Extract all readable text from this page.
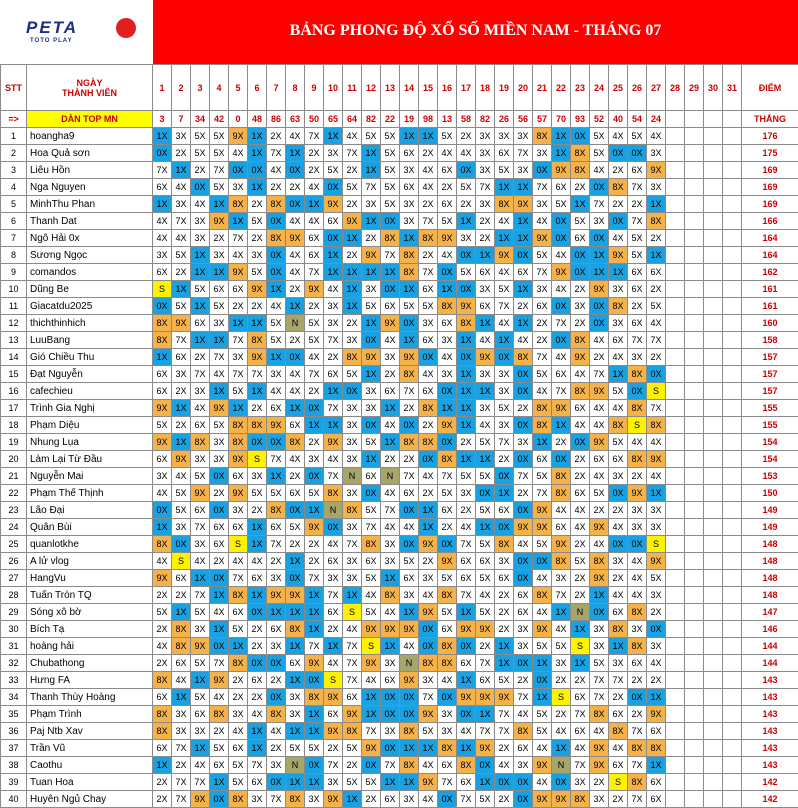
PETA
TOTO PLAY
BẢNG PHONG ĐỘ XỔ SỐ MIỀN NAM - THÁNG 07
STT	NGÀY
THÀNH VIÊN	1	2	3	4	5	6	7	8	9	10	11	12	13	14	15	16	17	18	19	20	21	22	23	24	25	26	27	28	29	30	31	ĐIỂM
=>	DÀN TOP MN	3	7	34	42	0	48	86	63	50	65	64	82	22	19	98	13	58	82	26	56	57	70	93	52	40	54	24					THẮNG
1	hoangha9	1X	3X	5X	5X	9X	1X	2X	4X	7X	1X	4X	5X	5X	1X	1X	5X	2X	3X	3X	3X	8X	1X	0X	5X	4X	5X	4X					176
2	Hoa Quả sơn	0X	2X	5X	5X	4X	1X	7X	1X	2X	3X	7X	1X	5X	6X	2X	4X	4X	3X	6X	7X	3X	1X	8X	5X	0X	0X	3X					175
3	Liêu Hồn	7X	1X	2X	7X	0X	0X	4X	0X	2X	5X	2X	1X	5X	3X	4X	6X	0X	3X	5X	3X	0X	9X	8X	4X	2X	6X	9X					169
4	Nga Nguyen	6X	4X	0X	5X	3X	1X	2X	2X	4X	0X	5X	7X	5X	6X	4X	2X	5X	7X	1X	1X	7X	6X	2X	0X	8X	7X	3X					169
5	MinhThu Phan	1X	3X	4X	1X	8X	2X	8X	0X	1X	9X	2X	3X	5X	3X	2X	6X	2X	3X	8X	9X	3X	5X	1X	7X	2X	2X	1X					169
6	Thanh Dat	4X	7X	3X	9X	1X	5X	0X	4X	4X	6X	9X	1X	0X	3X	7X	5X	1X	2X	4X	1X	4X	0X	5X	3X	0X	7X	8X					166
7	Ngô Hải 0x	4X	4X	3X	2X	7X	2X	8X	9X	6X	0X	1X	2X	8X	1X	8X	9X	3X	2X	1X	1X	9X	0X	6X	0X	4X	5X	2X					164
8	Sương Ngọc	3X	5X	1X	3X	4X	3X	0X	4X	6X	1X	2X	9X	7X	8X	2X	4X	0X	1X	9X	0X	5X	4X	0X	1X	9X	5X	1X					164
9	comandos	6X	2X	1X	1X	9X	5X	0X	4X	7X	1X	1X	1X	1X	8X	7X	0X	5X	6X	4X	6X	7X	9X	0X	1X	1X	6X	6X					162
10	Dũng Be	S	1X	5X	6X	6X	9X	1X	2X	9X	4X	1X	3X	0X	1X	6X	1X	0X	3X	5X	1X	3X	4X	2X	9X	3X	6X	2X					161
11	Giacatdu2025	0X	5X	1X	5X	2X	2X	4X	1X	2X	3X	1X	5X	6X	5X	5X	8X	9X	6X	7X	2X	6X	0X	3X	0X	8X	2X	5X					161
12	thichthinhich	8X	9X	6X	3X	1X	1X	5X	N	5X	3X	2X	1X	9X	0X	3X	6X	8X	1X	4X	1X	2X	7X	2X	0X	3X	6X	4X					160
13	LuuBang	8X	7X	1X	1X	7X	8X	5X	2X	5X	7X	3X	0X	4X	1X	6X	3X	1X	4X	1X	4X	2X	0X	8X	4X	6X	7X	7X					158
14	Gió Chiều Thu	1X	6X	2X	7X	3X	9X	1X	0X	4X	2X	8X	9X	3X	9X	0X	4X	0X	9X	0X	8X	7X	4X	9X	2X	4X	3X	2X					157
15	Đạt Nguyễn	6X	3X	7X	4X	7X	7X	3X	4X	7X	6X	5X	1X	2X	8X	4X	3X	1X	3X	3X	0X	5X	6X	4X	7X	1X	8X	0X					157
16	cafechieu	6X	2X	3X	1X	5X	1X	4X	4X	2X	1X	0X	3X	6X	7X	6X	0X	1X	1X	3X	0X	4X	7X	8X	9X	5X	0X	S					157
17	Trình Gia Nghị	9X	1X	4X	9X	1X	2X	6X	1X	0X	7X	3X	3X	1X	2X	8X	1X	1X	3X	5X	2X	8X	9X	6X	4X	4X	8X	7X					155
18	Phạm Diệu	5X	2X	6X	5X	8X	8X	9X	6X	1X	1X	3X	0X	4X	0X	2X	9X	1X	4X	3X	0X	8X	1X	4X	4X	8X	S	8X					155
19	Nhung Lụa	9X	1X	8X	3X	8X	0X	0X	8X	2X	9X	3X	5X	1X	8X	8X	0X	2X	5X	7X	3X	1X	2X	0X	9X	5X	4X	4X					154
20	Làm Lại Từ Đầu	6X	9X	3X	3X	9X	S	7X	4X	3X	4X	3X	1X	2X	2X	0X	8X	1X	1X	2X	0X	6X	0X	2X	6X	6X	8X	9X					154
21	Nguyễn Mai	3X	4X	5X	0X	6X	3X	1X	2X	0X	7X	N	6X	N	7X	4X	7X	5X	5X	0X	7X	5X	8X	2X	4X	3X	2X	4X					153
22	Phạm Thế Thịnh	4X	5X	9X	2X	9X	5X	5X	6X	5X	8X	3X	0X	4X	6X	2X	5X	3X	0X	1X	2X	7X	8X	6X	5X	0X	9X	1X					150
23	Lão Đại	0X	5X	6X	0X	3X	2X	8X	0X	1X	N	8X	5X	7X	0X	1X	6X	2X	5X	6X	0X	9X	4X	4X	2X	2X	3X	3X					149
24	Quân Bùi	1X	3X	7X	6X	6X	1X	6X	5X	9X	0X	3X	7X	4X	4X	1X	2X	4X	1X	0X	9X	9X	6X	4X	9X	4X	3X	3X					149
25	quanlotkhe	8X	0X	3X	6X	S	1X	7X	2X	2X	4X	7X	8X	3X	0X	9X	0X	7X	5X	8X	4X	5X	9X	2X	4X	0X	0X	S					148
26	A lử vlog	4X	S	4X	2X	4X	4X	2X	1X	2X	6X	3X	6X	3X	5X	2X	9X	6X	6X	3X	0X	0X	8X	5X	8X	3X	4X	9X					148
27	HangVu	9X	6X	1X	0X	7X	6X	3X	0X	7X	3X	3X	5X	1X	6X	3X	5X	6X	5X	6X	0X	4X	3X	2X	9X	2X	4X	5X					148
28	Tuấn Tròn TQ	2X	2X	7X	1X	8X	1X	9X	9X	1X	7X	1X	4X	8X	3X	4X	8X	7X	4X	2X	6X	8X	7X	2X	1X	4X	4X	3X					148
29	Sóng xô bờ	5X	1X	5X	4X	6X	0X	1X	1X	1X	6X	S	5X	4X	1X	9X	5X	1X	5X	2X	6X	4X	1X	N	0X	6X	8X	2X					147
30	Bích Tạ	2X	8X	3X	1X	5X	2X	6X	8X	1X	2X	4X	9X	9X	9X	0X	6X	9X	9X	2X	3X	9X	4X	1X	3X	8X	3X	0X					146
31	hoàng hải	4X	8X	9X	0X	1X	2X	3X	1X	7X	1X	7X	S	1X	4X	0X	8X	0X	2X	1X	3X	5X	5X	S	3X	1X	8X	3X					144
32	Chubathong	2X	6X	5X	7X	8X	0X	0X	6X	9X	4X	7X	9X	3X	N	8X	8X	6X	7X	1X	0X	1X	3X	1X	5X	3X	6X	4X					144
33	Hưng FA	8X	4X	1X	9X	2X	6X	2X	1X	0X	S	7X	4X	6X	9X	3X	4X	1X	6X	5X	2X	0X	2X	2X	7X	7X	2X	2X					143
34	Thanh Thùy Hoàng	6X	1X	5X	4X	2X	2X	0X	3X	8X	9X	6X	1X	0X	0X	7X	0X	9X	9X	9X	7X	1X	S	6X	7X	2X	0X	1X					143
35	Phạm Trình	8X	3X	6X	8X	3X	4X	8X	3X	1X	6X	9X	1X	0X	0X	9X	3X	0X	1X	7X	4X	5X	2X	7X	8X	6X	2X	9X					143
36	Paj Ntb Xav	8X	3X	3X	2X	4X	1X	4X	1X	1X	9X	8X	7X	3X	8X	5X	3X	4X	7X	7X	8X	5X	4X	6X	4X	8X	7X	6X					143
37	Trần Vũ	6X	7X	1X	5X	6X	1X	2X	5X	5X	2X	5X	9X	0X	1X	1X	8X	1X	9X	2X	6X	4X	1X	4X	9X	4X	8X	8X					143
38	Caothu	1X	2X	4X	6X	5X	7X	3X	N	0X	7X	2X	0X	7X	8X	4X	6X	8X	0X	4X	3X	9X	N	7X	9X	6X	7X	1X					143
39	Tuan Hoa	2X	7X	7X	1X	5X	6X	0X	1X	1X	3X	5X	5X	1X	1X	9X	7X	6X	1X	0X	0X	4X	0X	3X	2X	S	8X	6X					142
40	Huyên Ngủ Chay	2X	7X	9X	0X	8X	3X	7X	8X	3X	9X	1X	2X	6X	3X	4X	0X	7X	5X	2X	0X	9X	9X	8X	3X	2X	7X	6X					142
